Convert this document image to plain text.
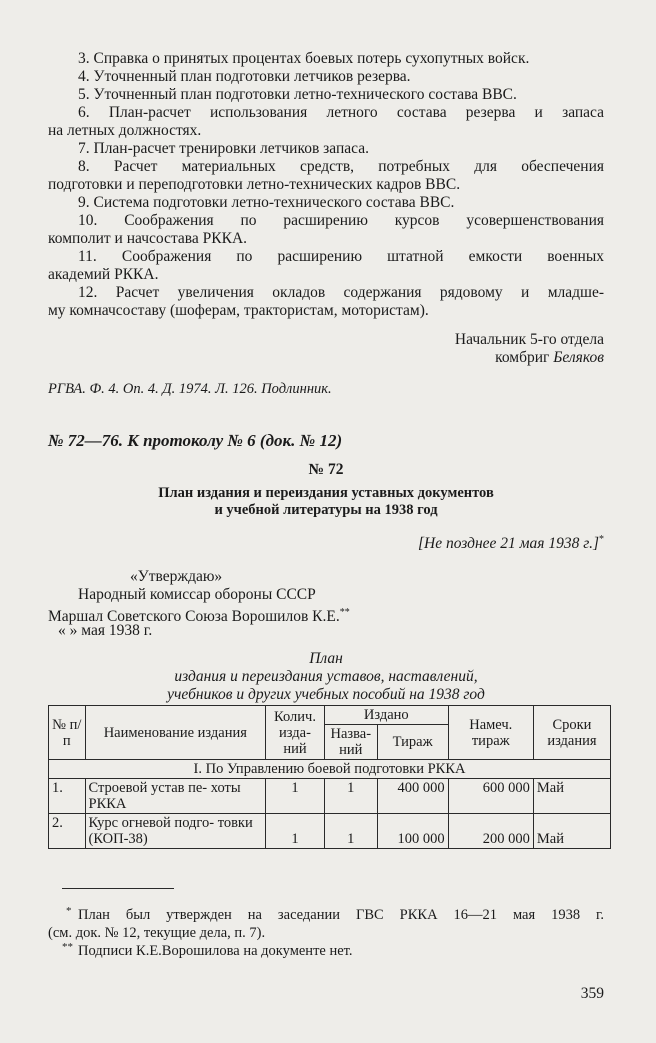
3. Справка о принятых процентах боевых потерь сухопутных войск.
4. Уточненный план подготовки летчиков резерва.
5. Уточненный план подготовки летно-технического состава ВВС.
6. План-расчет использования летного состава резерва и запаса
на летных должностях.
7. План-расчет тренировки летчиков запаса.
8. Расчет материальных средств, потребных для обеспечения
подготовки и переподготовки летно-технических кадров ВВС.
9. Система подготовки летно-технического состава ВВС.
10. Соображения по расширению курсов усовершенствования
комполит и начсостава РККА.
11. Соображения по расширению штатной емкости военных
академий РККА.
12. Расчет увеличения окладов содержания рядовому и младше-
му комначсоставу (шоферам, трактористам, мотористам).
Начальник 5-го отдела
комбриг Беляков
РГВА. Ф. 4. Оп. 4. Д. 1974. Л. 126. Подлинник.
№ 72—76. К протоколу № 6 (док. № 12)
№ 72
План издания и переиздания уставных документов
и учебной литературы на 1938 год
[Не позднее 21 мая 1938 г.]*
«Утверждаю»
Народный комиссар обороны СССР
Маршал Советского Союза Ворошилов К.Е.**
« » мая 1938 г.
План
издания и переиздания уставов, наставлений,
учебников и других учебных пособий на 1938 год
№ п/п	Наименование издания	Колич. изда- ний	Издано		Намеч. тираж	Сроки издания
			Назва- ний	Тираж		
I. По Управлению боевой подготовки РККА						
1.	Строевой устав пе- хоты РККА	1	1	400 000	600 000	Май
2.	Курс огневой подго- товки (КОП-38)	1	1	100 000	200 000	Май
* План был утвержден на заседании ГВС РККА 16—21 мая 1938 г.
(см. док. № 12, текущие дела, п. 7).
** Подписи К.Е.Ворошилова на документе нет.
359
